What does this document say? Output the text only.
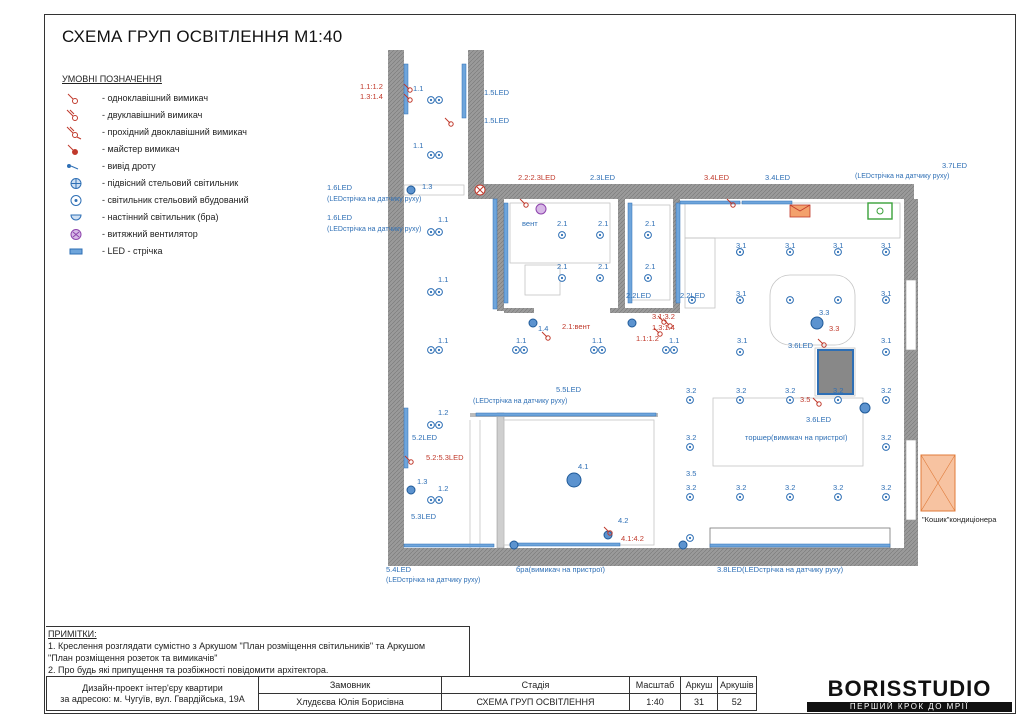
СХЕМА ГРУП ОСВІТЛЕННЯ М1:40
УМОВНІ ПОЗНАЧЕННЯ
- одноклавішний вимикач
- двуклавішний вимикач
- прохідний двоклавішний вимикач
- майстер вимикач
- вивід дроту
- підвісний стельовий світильник
- світильник стельовий вбудований
- настінний світильник (бра)
- витяжний вентилятор
- LED - стрічка
1.1
1.1
1.5LED
1.5LED
1.3
1.6LED
(LEDстрічка на датчику руху)
1.6LED
(LEDстрічка на датчику руху)
1.1
1.1
2.3LED	3.4LED
3.7LED
(LEDстрічка на датчику руху)
вент	2.1	2.1	2.1
2.1	2.1	2.1
2.2LED	2.2LED
1.4
1.1	1.1	1.1
1.1	3.1
3.3
3.6LED
3.6LED
3.5
5.5LED
(LEDстрічка на датчику руху)
торшер(вимикач на пристрої)
1.2
1.2
5.2LED
1.3
4.1
4.2
5.3LED
5.4LED
(LEDстрічка на датчику руху)
бра(вимикач на пристрої)	3.8LED(LEDстрічка на датчику руху)
"Кошик"кондиціонера
1.1:1.2
1.3:1.4
2.2:2.3LED	3.4LED
3.1:3.2
1.3:1.4
1.1:1.2
2.1:вент	3.3
3.5
5.2:5.3LED
4.1:4.2
3.1	3.1	3.1	3.1
3.1	3.1
3.1
3.2	3.2	3.2	3.2	3.2
3.2	3.2
3.2	3.2	3.2	3.2	3.2
ПРИМІТКИ:
1. Креслення розглядати сумістно з Аркушом "План розміщення світильників" та Аркушом
"План розміщення розеток та вимикачів"
2. Про будь які припущення та розбіжності повідомити архітектора.
Дизайн-проект інтер'єру квартири
за адресою: м. Чугуїв, вул. Гвардійська, 19А	Замовник	Стадія	Масштаб	Аркуш	Аркушів
	Хлудєєва Юлія Борисівна	СХЕМА ГРУП ОСВІТЛЕННЯ	1:40	31	52
BORISSTUDIO
ПЕРШИЙ КРОК ДО МРІЇ
